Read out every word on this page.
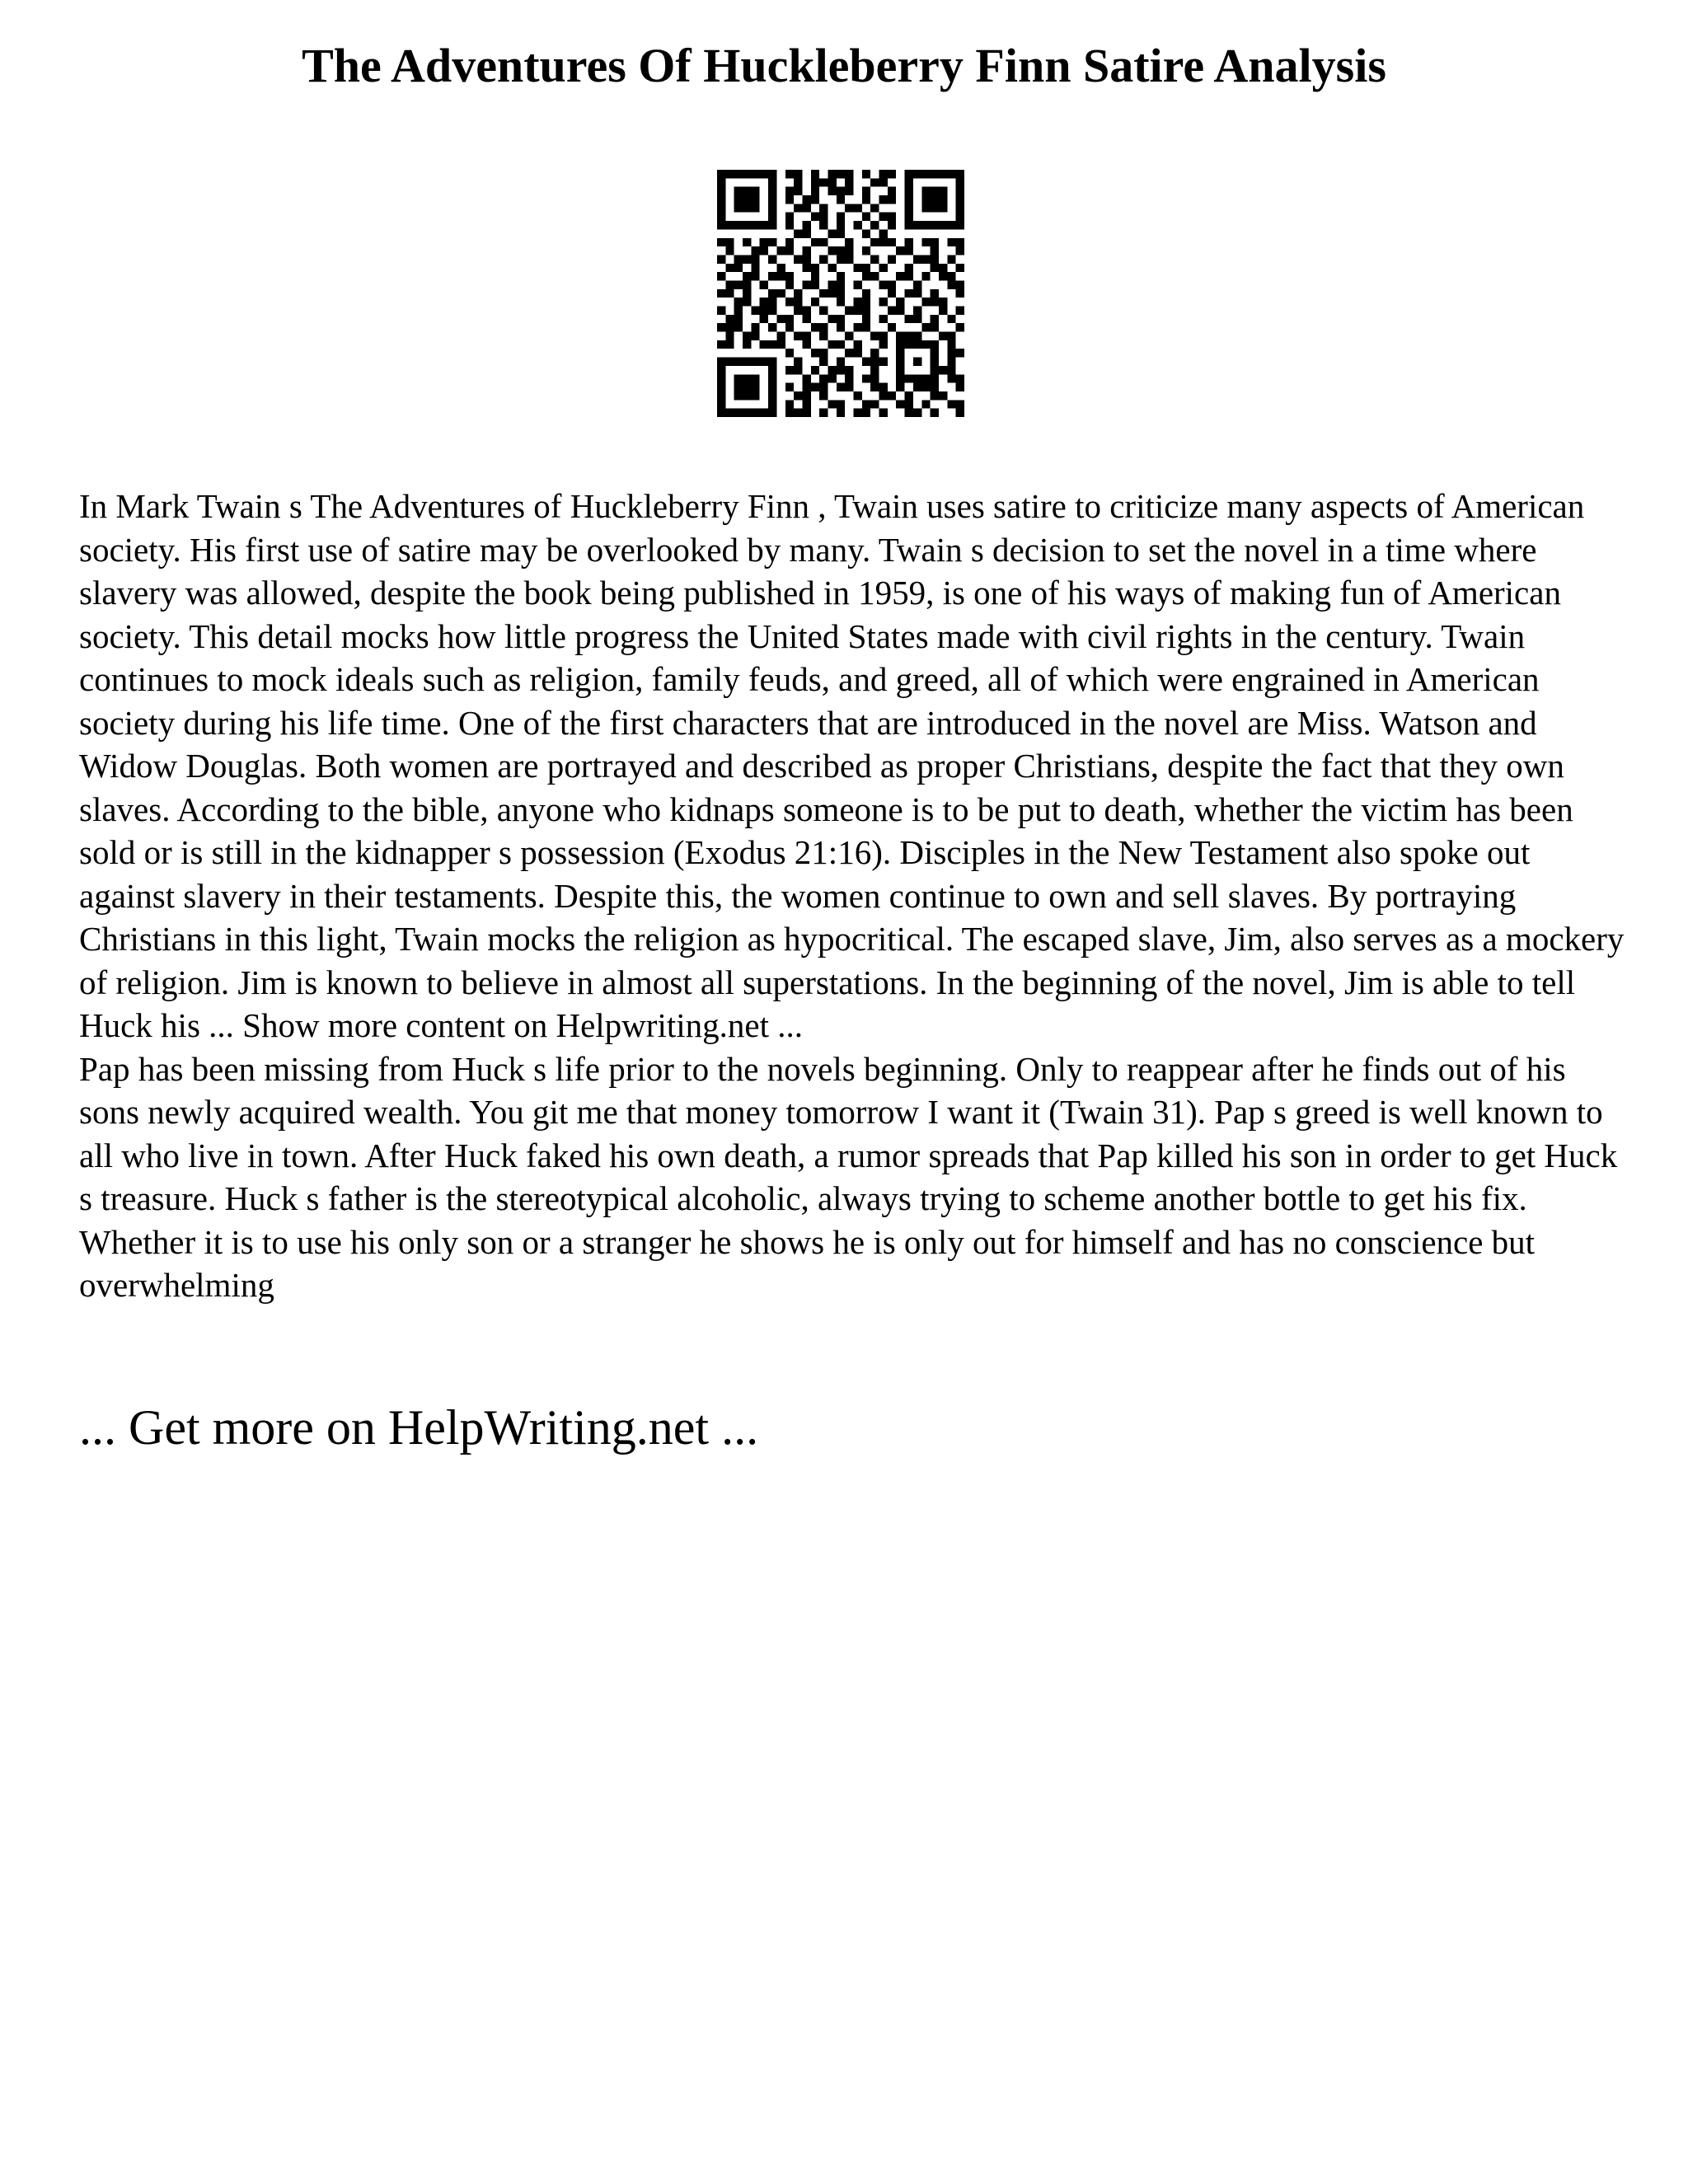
The Adventures Of Huckleberry Finn Satire Analysis

In Mark Twain s The Adventures of Huckleberry Finn , Twain uses satire to criticize many aspects of American society. His first use of satire may be overlooked by many. Twain s decision to set the novel in a time where slavery was allowed, despite the book being published in 1959, is one of his ways of making fun of American society. This detail mocks how little progress the United States made with civil rights in the century. Twain continues to mock ideals such as religion, family feuds, and greed, all of which were engrained in American society during his life time. One of the first characters that are introduced in the novel are Miss. Watson and Widow Douglas. Both women are portrayed and described as proper Christians, despite the fact that they own slaves. According to the bible, anyone who kidnaps someone is to be put to death, whether the victim has been sold or is still in the kidnapper s possession (Exodus 21:16). Disciples in the New Testament also spoke out against slavery in their testaments. Despite this, the women continue to own and sell slaves. By portraying Christians in this light, Twain mocks the religion as hypocritical. The escaped slave, Jim, also serves as a mockery of religion. Jim is known to believe in almost all superstations. In the beginning of the novel, Jim is able to tell Huck his ... Show more content on Helpwriting.net ...

Pap has been missing from Huck s life prior to the novels beginning. Only to reappear after he finds out of his sons newly acquired wealth. You git me that money tomorrow I want it (Twain 31). Pap s greed is well known to all who live in town. After Huck faked his own death, a rumor spreads that Pap killed his son in order to get Huck s treasure. Huck s father is the stereotypical alcoholic, always trying to scheme another bottle to get his fix. Whether it is to use his only son or a stranger he shows he is only out for himself and has no conscience but overwhelming

... Get more on HelpWriting.net ...
